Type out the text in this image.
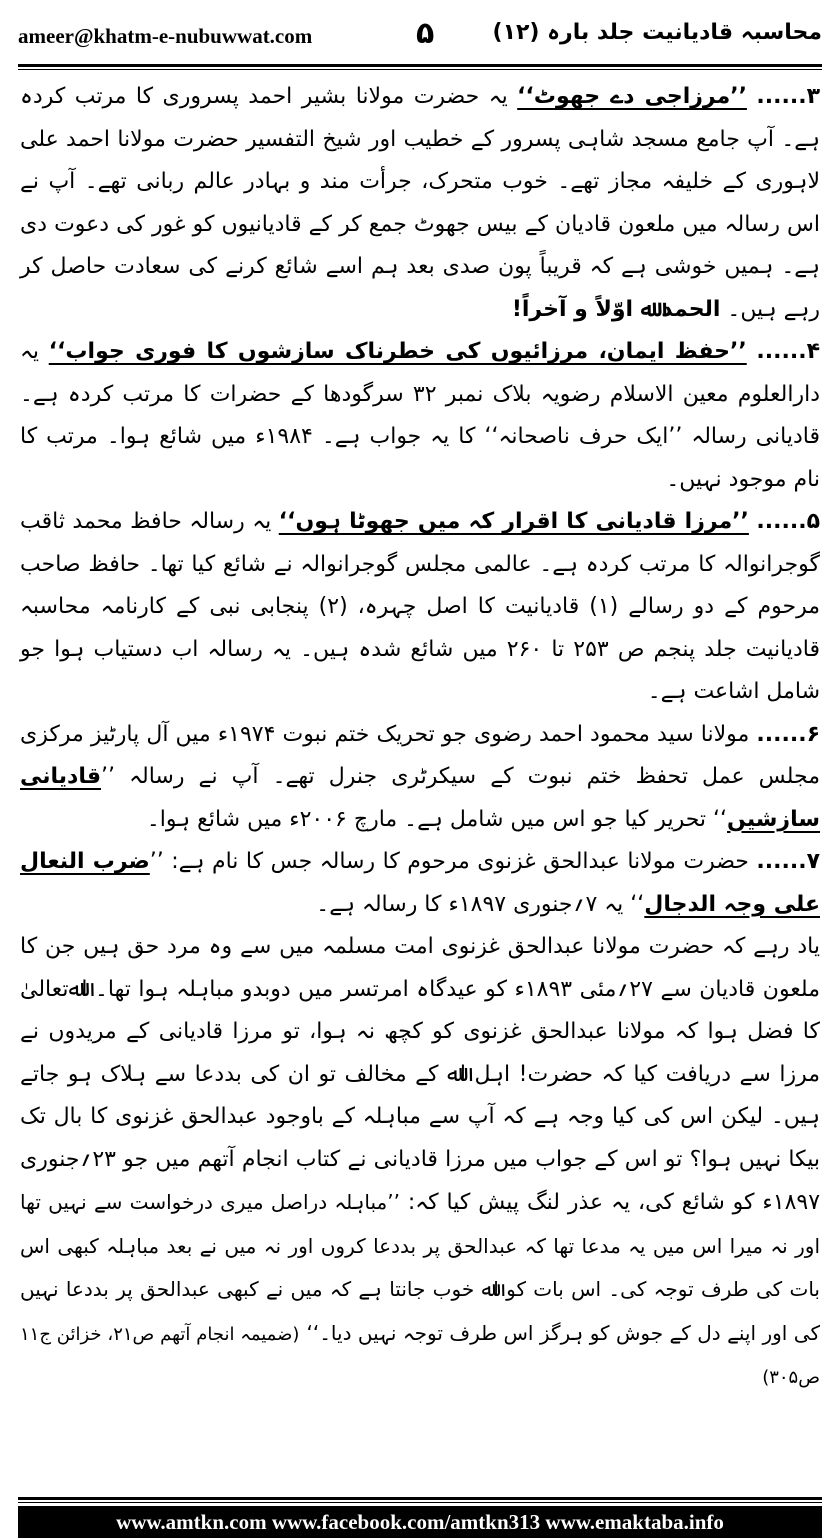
ameer@khatm-e-nubuwwat.com	۵	محاسبہ قادیانیت جلد بارہ (۱۲)

۳...... ’’مرزاجی دے جھوٹ‘‘ یہ حضرت مولانا بشیر احمد پسروری کا مرتب کردہ ہے۔ آپ جامع مسجد شاہی پسرور کے خطیب اور شیخ التفسیر حضرت مولانا احمد علی لاہوری کے خلیفہ مجاز تھے۔ خوب متحرک، جرأت مند و بہادر عالم ربانی تھے۔ آپ نے اس رسالہ میں ملعون قادیان کے بیس جھوٹ جمع کر کے قادیانیوں کو غور کی دعوت دی ہے۔ ہمیں خوشی ہے کہ قریباً پون صدی بعد ہم اسے شائع کرنے کی سعادت حاصل کر رہے ہیں۔ الحمد ﷲ اوّلاً و آخراً!

۴...... ’’حفظ ایمان، مرزائیوں کی خطرناک سازشوں کا فوری جواب‘‘ یہ دارالعلوم معین الاسلام رضویہ بلاک نمبر ۳۲ سرگودھا کے حضرات کا مرتب کردہ ہے۔ قادیانی رسالہ ’’ایک حرف ناصحانہ‘‘ کا یہ جواب ہے۔ ۱۹۸۴ء میں شائع ہوا۔ مرتب کا نام موجود نہیں۔

۵...... ’’مرزا قادیانی کا اقرار کہ میں جھوٹا ہوں‘‘ یہ رسالہ حافظ محمد ثاقب گوجرانوالہ کا مرتب کردہ ہے۔ عالمی مجلس گوجرانوالہ نے شائع کیا تھا۔ حافظ صاحب مرحوم کے دو رسالے (۱) قادیانیت کا اصل چہرہ، (۲) پنجابی نبی کے کارنامہ محاسبہ قادیانیت جلد پنجم ص ۲۵۳ تا ۲۶۰ میں شائع شدہ ہیں۔ یہ رسالہ اب دستیاب ہوا جو شامل اشاعت ہے۔

۶...... مولانا سید محمود احمد رضوی جو تحریک ختم نبوت ۱۹۷۴ء میں آل پارٹیز مرکزی مجلس عمل تحفظ ختم نبوت کے سیکرٹری جنرل تھے۔ آپ نے رسالہ ’’قادیانی سازشیں‘‘ تحریر کیا جو اس میں شامل ہے۔ مارچ ۲۰۰۶ء میں شائع ہوا۔

۷...... حضرت مولانا عبدالحق غزنوی مرحوم کا رسالہ جس کا نام ہے: ’’ضرب النعال علی وجہ الدجال‘‘ یہ ۷؍جنوری ۱۸۹۷ء کا رسالہ ہے۔

یاد رہے کہ حضرت مولانا عبدالحق غزنوی امت مسلمہ میں سے وہ مرد حق ہیں جن کا ملعون قادیان سے ۲۷؍مئی ۱۸۹۳ء کو عیدگاہ امرتسر میں دوبدو مباہلہ ہوا تھا۔ اﷲتعالیٰ کا فضل ہوا کہ مولانا عبدالحق غزنوی کو کچھ نہ ہوا، تو مرزا قادیانی کے مریدوں نے مرزا سے دریافت کیا کہ حضرت! اہل اﷲ کے مخالف تو ان کی بددعا سے ہلاک ہو جاتے ہیں۔ لیکن اس کی کیا وجہ ہے کہ آپ سے مباہلہ کے باوجود عبدالحق غزنوی کا بال تک بیکا نہیں ہوا؟ تو اس کے جواب میں مرزا قادیانی نے کتاب انجام آتھم میں جو ۲۳؍جنوری ۱۸۹۷ء کو شائع کی، یہ عذر لنگ پیش کیا کہ: ’’مباہلہ دراصل میری درخواست سے نہیں تھا اور نہ میرا اس میں یہ مدعا تھا کہ عبدالحق پر بددعا کروں اور نہ میں نے بعد مباہلہ کبھی اس بات کی طرف توجہ کی۔ اس بات کو اﷲ خوب جانتا ہے کہ میں نے کبھی عبدالحق پر بددعا نہیں کی اور اپنے دل کے جوش کو ہرگز اس طرف توجہ نہیں دیا۔‘‘ (ضمیمہ انجام آتھم ص۲۱، خزائن ج۱۱ ص۳۰۵)

www.amtkn.com www.facebook.com/amtkn313 www.emaktaba.info
